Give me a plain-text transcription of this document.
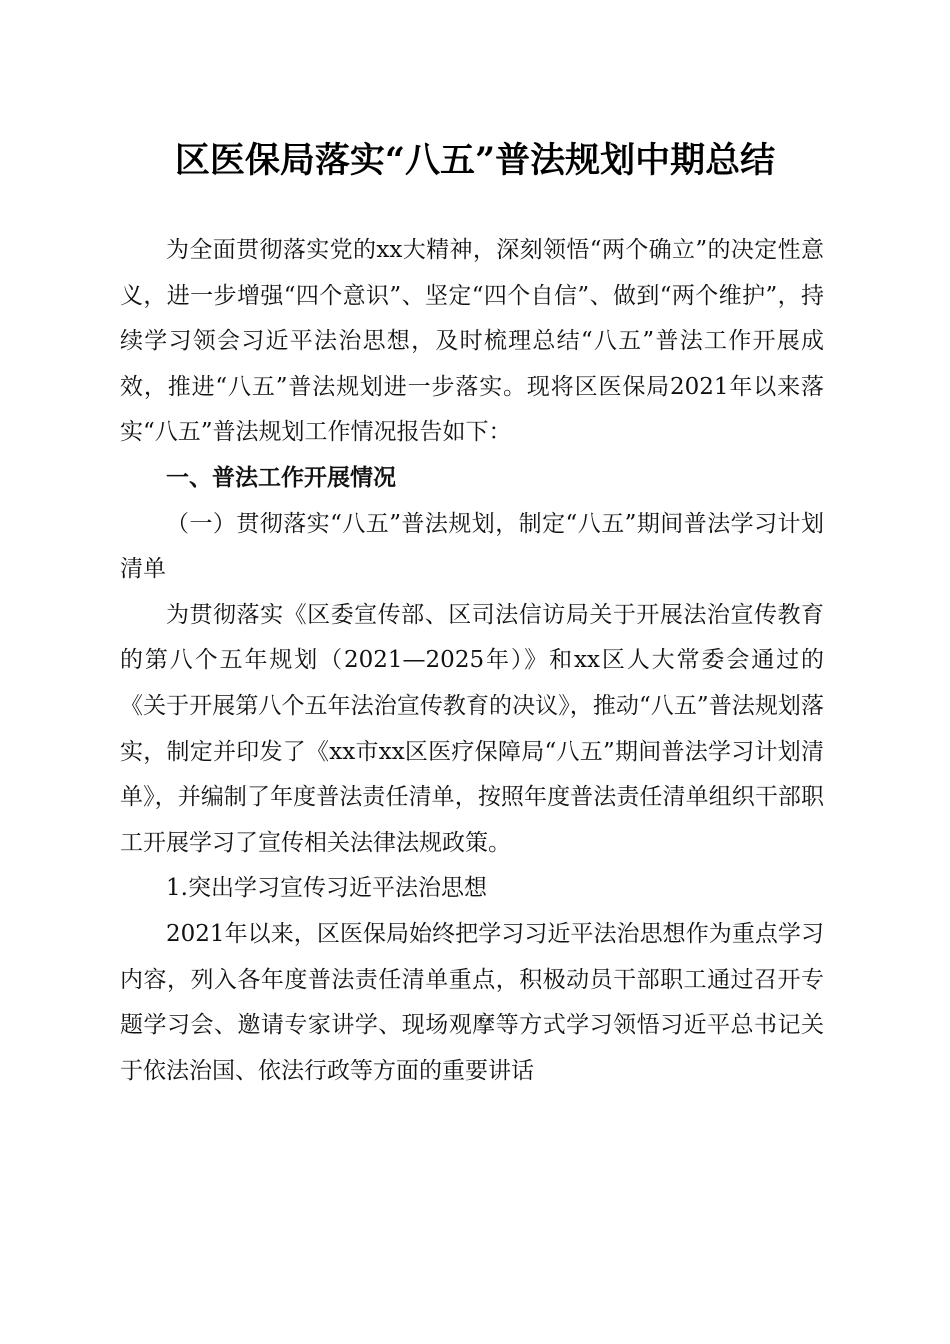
区医保局落实“八五”普法规划中期总结

为全面贯彻落实党的xx大精神，深刻领悟“两个确立”的决定性意义，进一步增强“四个意识”、坚定“四个自信”、做到“两个维护”，持续学习领会习近平法治思想，及时梳理总结“八五”普法工作开展成效，推进“八五”普法规划进一步落实。现将区医保局2021年以来落实“八五”普法规划工作情况报告如下：

一、普法工作开展情况

（一）贯彻落实“八五”普法规划，制定“八五”期间普法学习计划清单

为贯彻落实《区委宣传部、区司法信访局关于开展法治宣传教育的第八个五年规划（2021—2025年）》和xx区人大常委会通过的《关于开展第八个五年法治宣传教育的决议》，推动“八五”普法规划落实，制定并印发了《xx市xx区医疗保障局“八五”期间普法学习计划清单》，并编制了年度普法责任清单，按照年度普法责任清单组织干部职工开展学习了宣传相关法律法规政策。

1.突出学习宣传习近平法治思想

2021年以来，区医保局始终把学习习近平法治思想作为重点学习内容，列入各年度普法责任清单重点，积极动员干部职工通过召开专题学习会、邀请专家讲学、现场观摩等方式学习领悟习近平总书记关于依法治国、依法行政等方面的重要讲话
